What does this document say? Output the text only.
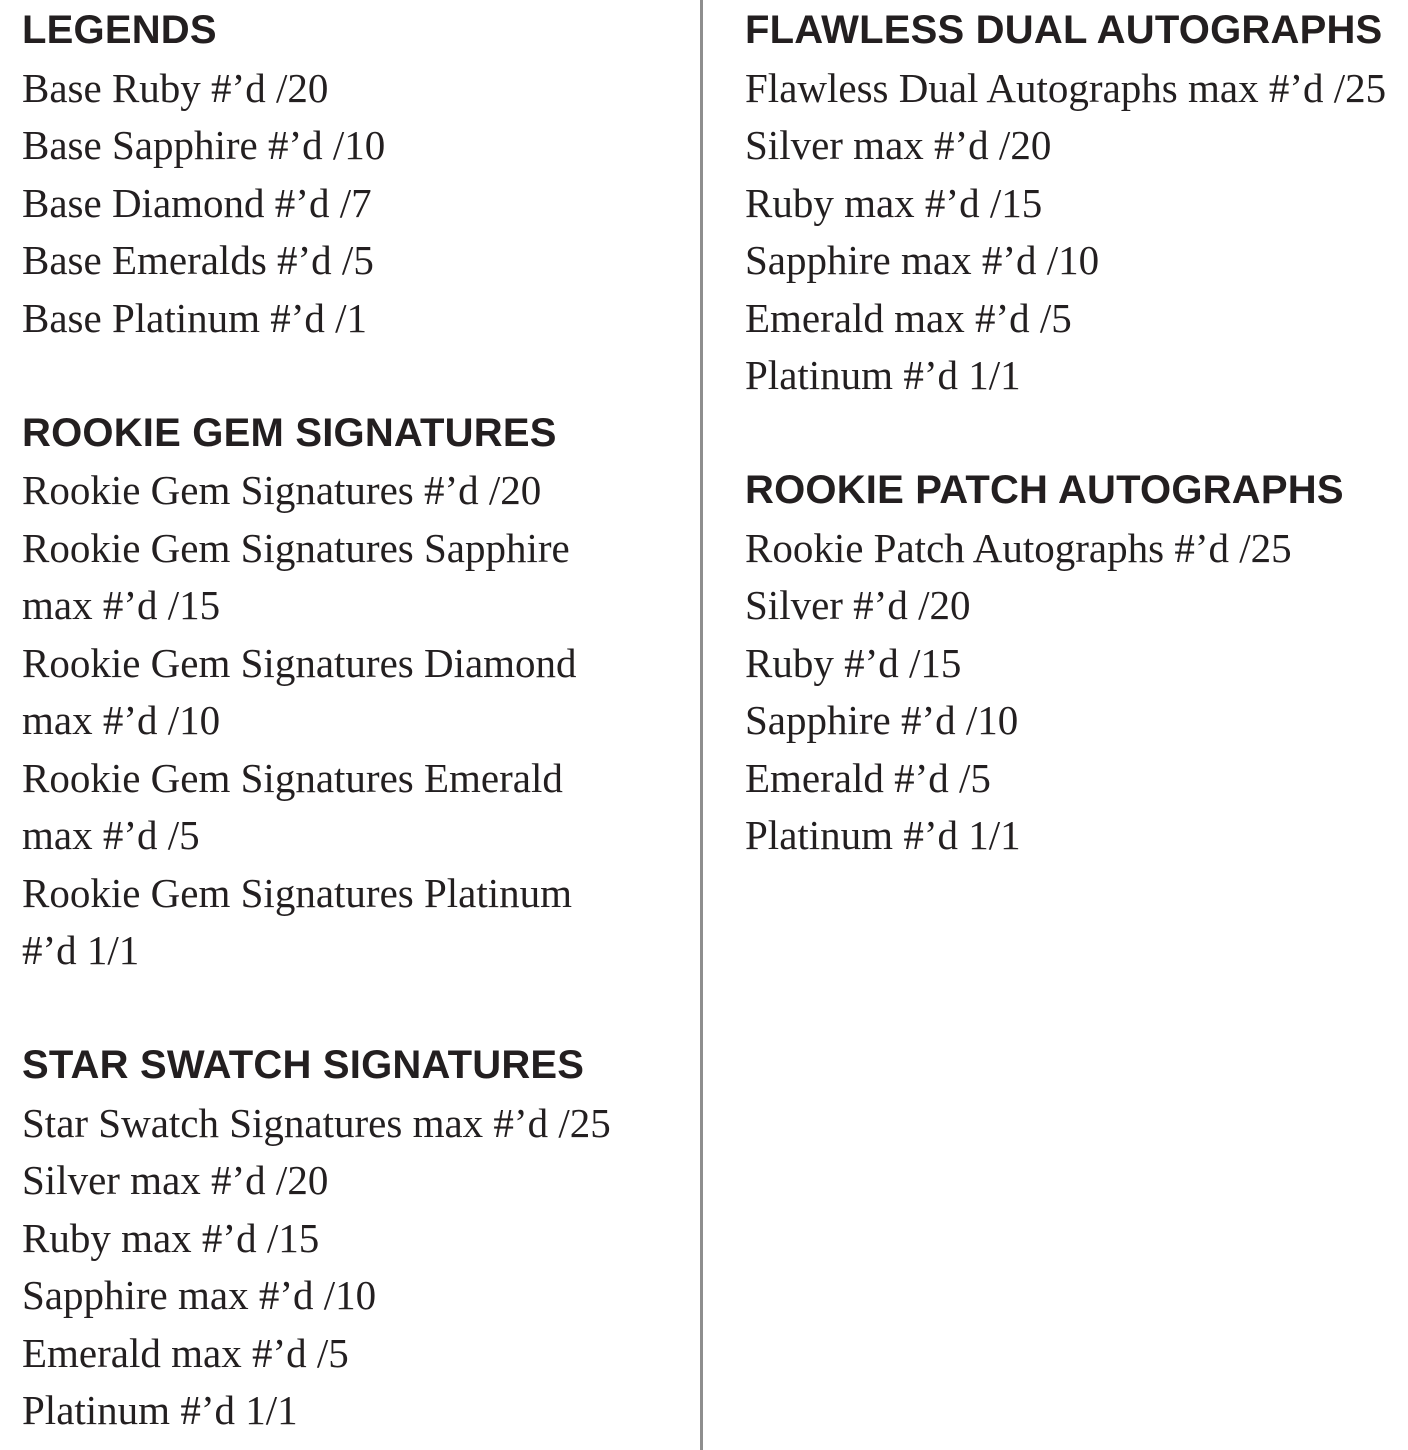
LEGENDS
Base Ruby #’d /20
Base Sapphire #’d /10
Base Diamond #’d /7
Base Emeralds #’d /5
Base Platinum #’d /1
ROOKIE GEM SIGNATURES
Rookie Gem Signatures #’d /20
Rookie Gem Signatures Sapphire max #’d /15
Rookie Gem Signatures Diamond max #’d /10
Rookie Gem Signatures Emerald max #’d /5
Rookie Gem Signatures Platinum #’d 1/1
STAR SWATCH SIGNATURES
Star Swatch Signatures max #’d /25
Silver max #’d /20
Ruby max #’d /15
Sapphire max #’d /10
Emerald max #’d /5
Platinum #’d 1/1
FLAWLESS DUAL AUTOGRAPHS
Flawless Dual Autographs max #’d /25
Silver max #’d /20
Ruby max #’d /15
Sapphire max #’d /10
Emerald max #’d /5
Platinum #’d 1/1
ROOKIE PATCH AUTOGRAPHS
Rookie Patch Autographs #’d /25
Silver #’d /20
Ruby #’d /15
Sapphire #’d /10
Emerald #’d /5
Platinum #’d 1/1
